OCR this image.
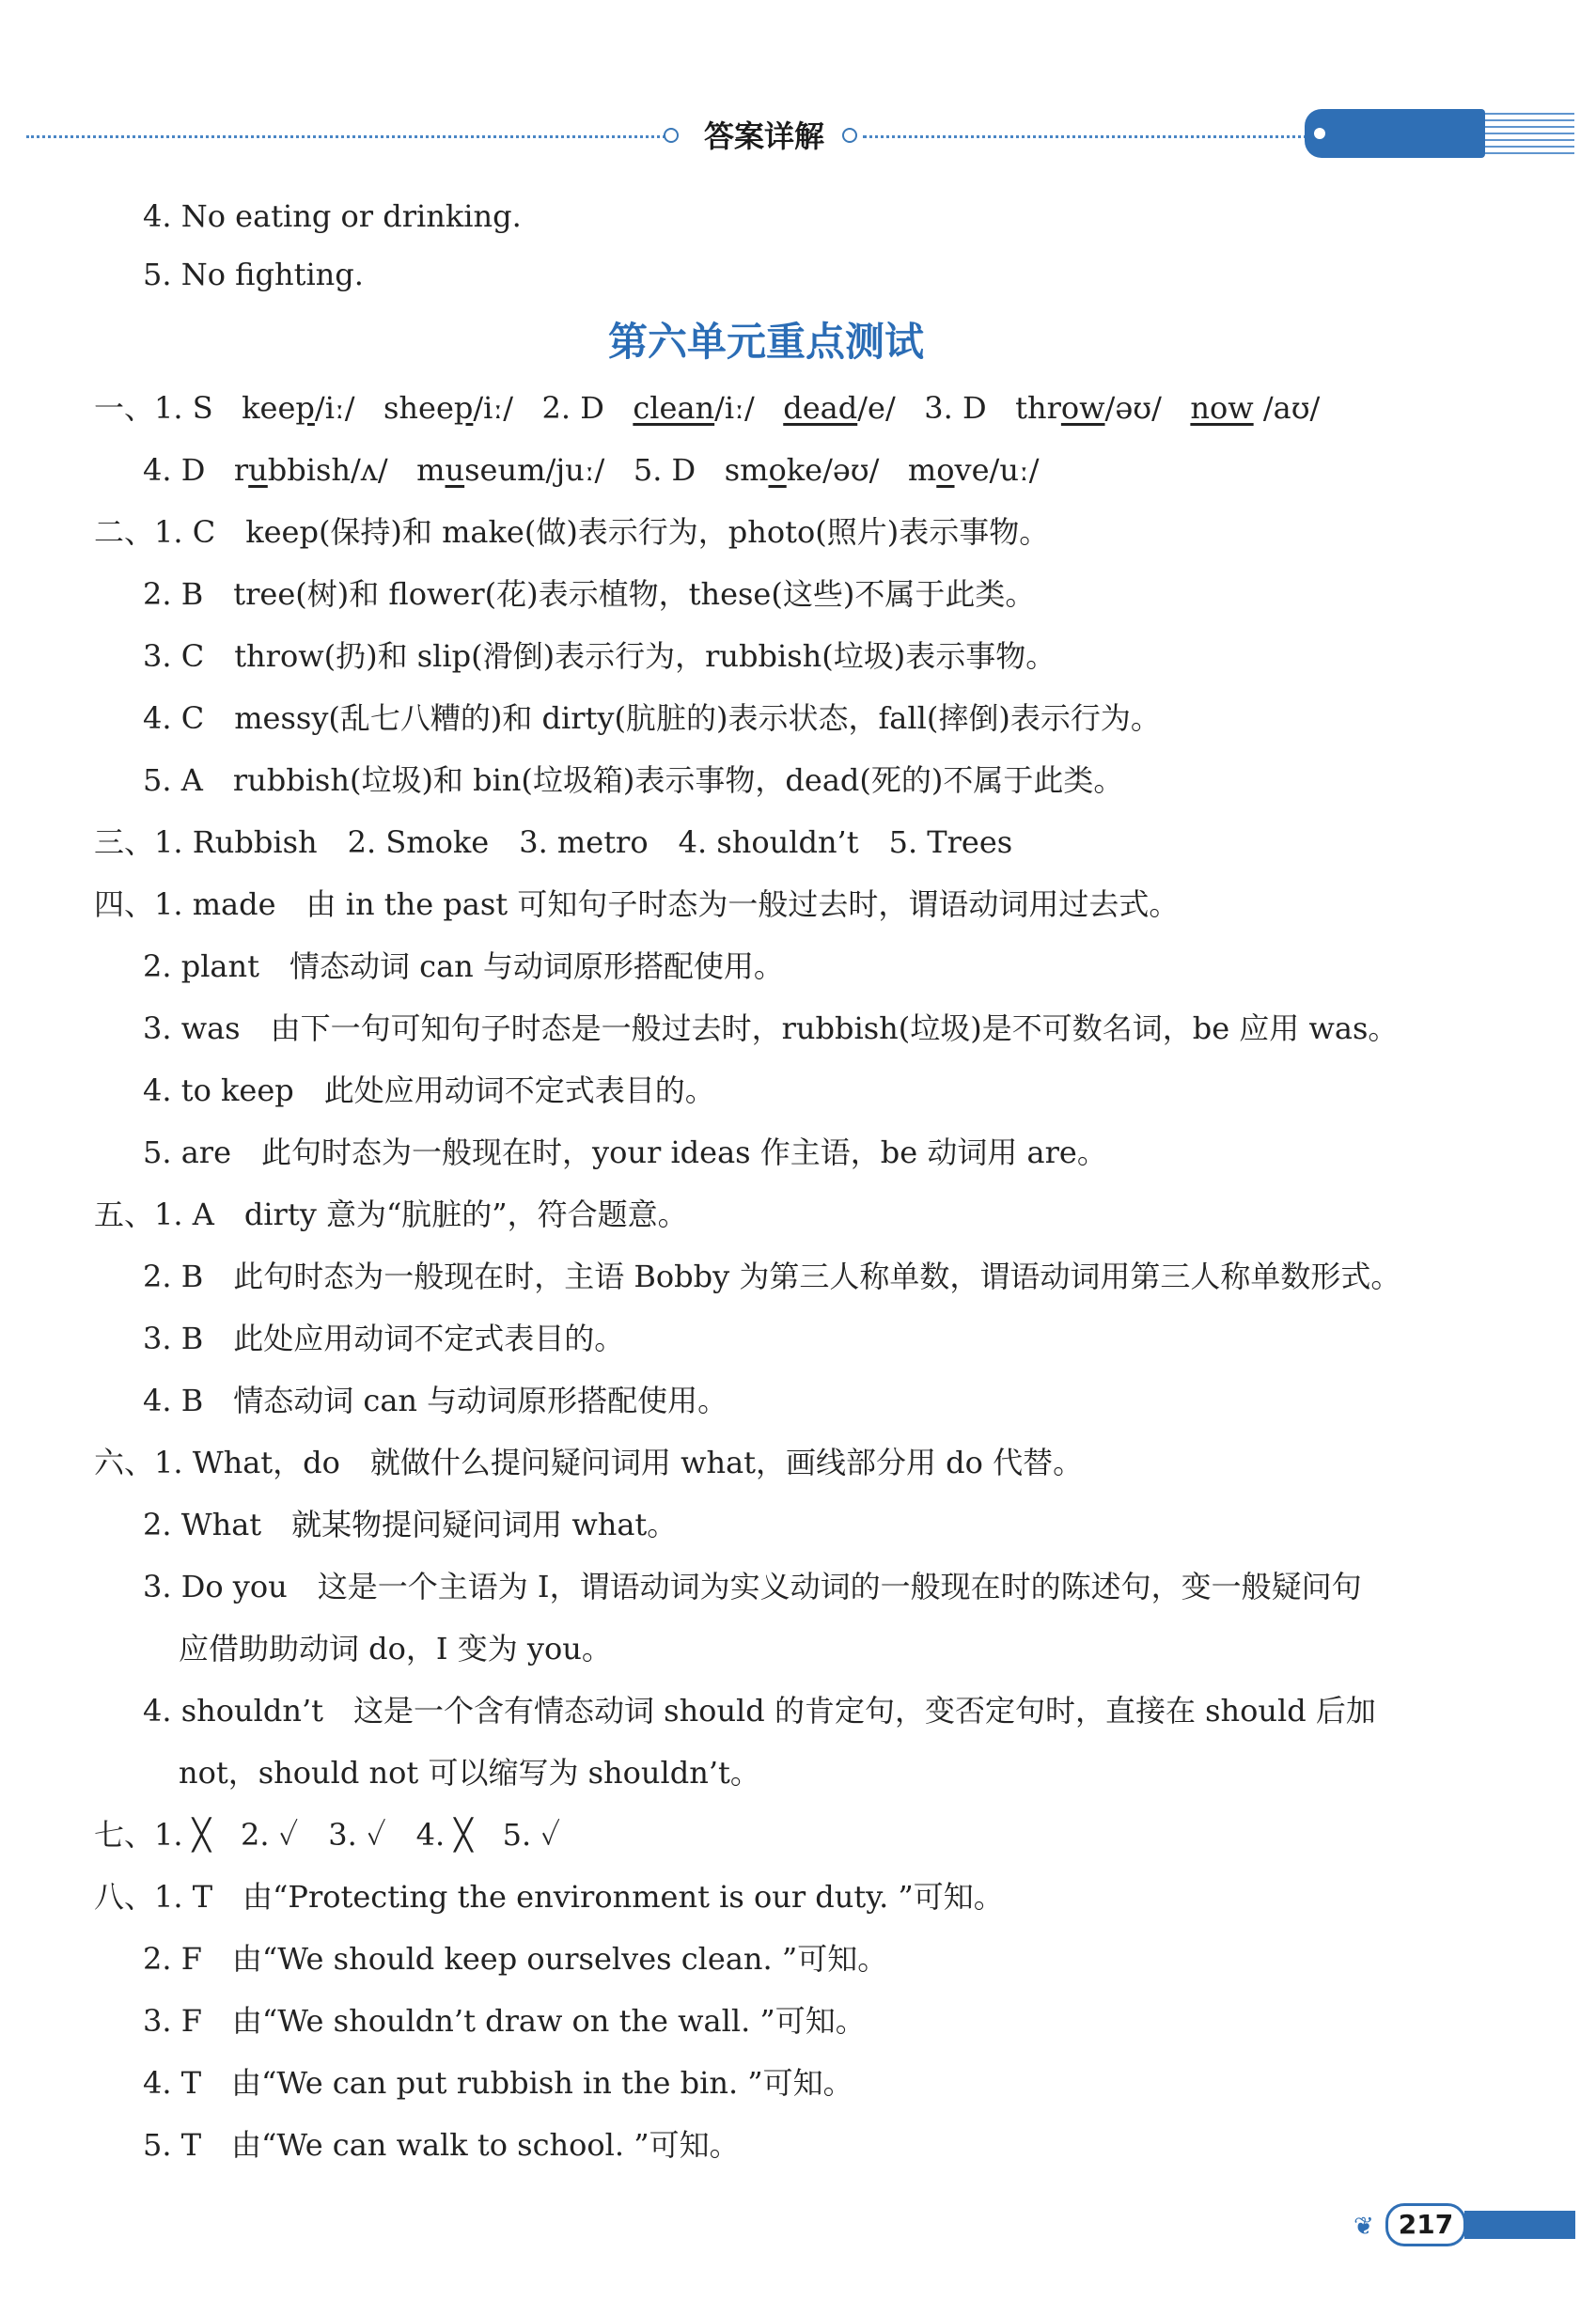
答案详解
4. No eating or drinking.
5. No fighting.
第六单元重点测试
一、1. S keep/iː/ sheep/iː/ 2. D clean/iː/ dead/e/ 3. D throw/əʊ/ now /aʊ/
4. D rubbish/ʌ/ museum/juː/ 5. D smoke/əʊ/ move/uː/
二、1. C　keep(保持)和 make(做)表示行为，photo(照片)表示事物。
2. B　tree(树)和 flower(花)表示植物，these(这些)不属于此类。
3. C　throw(扔)和 slip(滑倒)表示行为，rubbish(垃圾)表示事物。
4. C　messy(乱七八糟的)和 dirty(肮脏的)表示状态，fall(摔倒)表示行为。
5. A　rubbish(垃圾)和 bin(垃圾箱)表示事物，dead(死的)不属于此类。
三、1. Rubbish　2. Smoke　3. metro　4. shouldn’t　5. Trees
四、1. made　由 in the past 可知句子时态为一般过去时，谓语动词用过去式。
2. plant　情态动词 can 与动词原形搭配使用。
3. was　由下一句可知句子时态是一般过去时，rubbish(垃圾)是不可数名词，be 应用 was。
4. to keep　此处应用动词不定式表目的。
5. are　此句时态为一般现在时，your ideas 作主语，be 动词用 are。
五、1. A　dirty 意为“肮脏的”，符合题意。
2. B　此句时态为一般现在时，主语 Bobby 为第三人称单数，谓语动词用第三人称单数形式。
3. B　此处应用动词不定式表目的。
4. B　情态动词 can 与动词原形搭配使用。
六、1. What，do　就做什么提问疑问词用 what，画线部分用 do 代替。
2. What　就某物提问疑问词用 what。
3. Do you　这是一个主语为 I，谓语动词为实义动词的一般现在时的陈述句，变一般疑问句
应借助助动词 do，I 变为 you。
4. shouldn’t　这是一个含有情态动词 should 的肯定句，变否定句时，直接在 should 后加
not，should not 可以缩写为 shouldn’t。
七、1. ╳　2. ✓　3. ✓　4. ╳　5. ✓
八、1. T　由“Protecting the environment is our duty. ”可知。
2. F　由“We should keep ourselves clean. ”可知。
3. F　由“We shouldn’t draw on the wall. ”可知。
4. T　由“We can put rubbish in the bin. ”可知。
5. T　由“We can walk to school. ”可知。
❦ 217
